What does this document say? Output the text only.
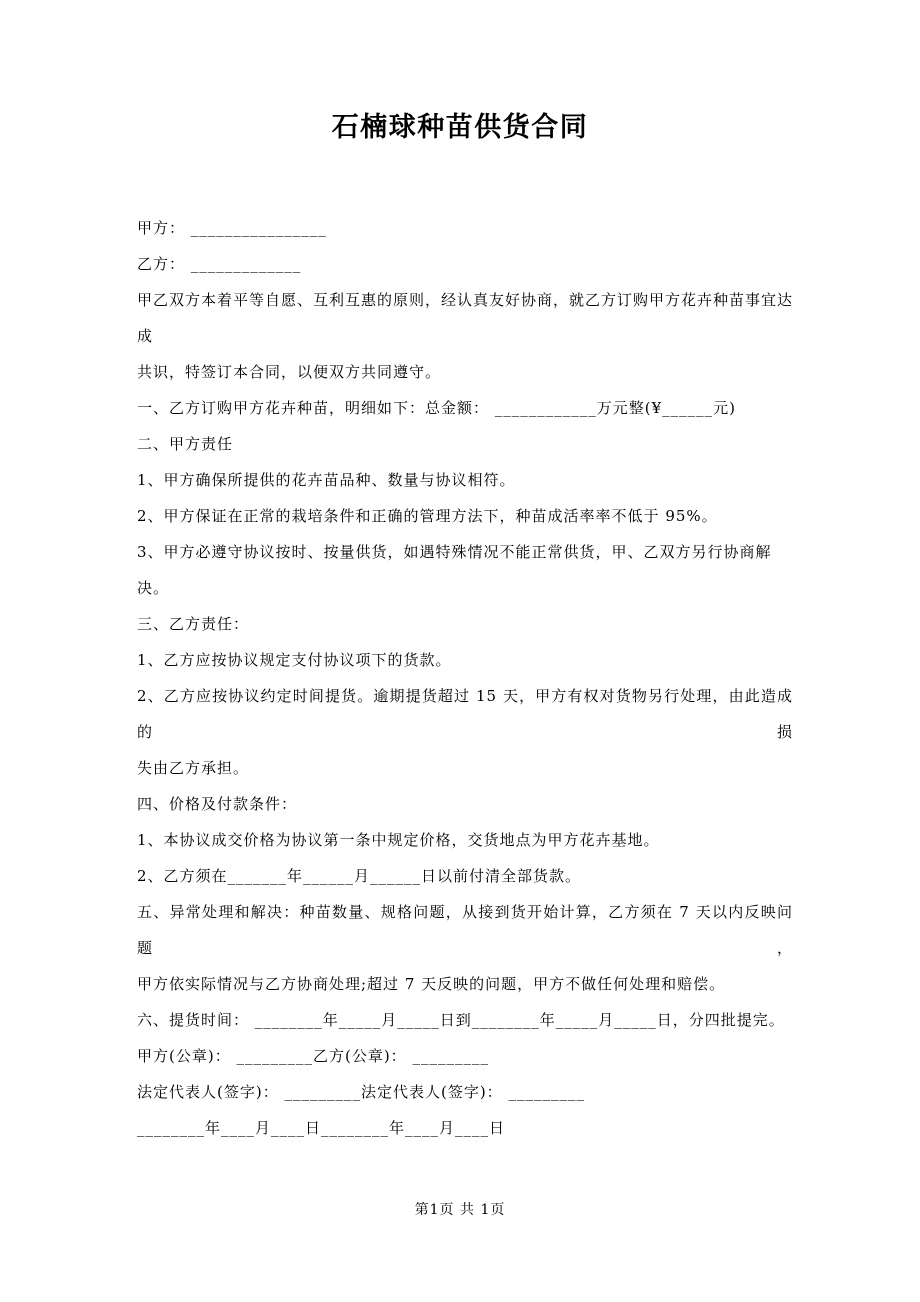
石楠球种苗供货合同
甲方： ________________
乙方： _____________
甲乙双方本着平等自愿、互利互惠的原则，经认真友好协商，就乙方订购甲方花卉种苗事宜达成
共识，特签订本合同，以便双方共同遵守。
一、乙方订购甲方花卉种苗，明细如下：总金额： ____________万元整(¥______元)
二、甲方责任
1、甲方确保所提供的花卉苗品种、数量与协议相符。
2、甲方保证在正常的栽培条件和正确的管理方法下，种苗成活率率不低于 95%。
3、甲方必遵守协议按时、按量供货，如遇特殊情况不能正常供货，甲、乙双方另行协商解决。
三、乙方责任：
1、乙方应按协议规定支付协议项下的货款。
2、乙方应按协议约定时间提货。逾期提货超过 15 天，甲方有权对货物另行处理，由此造成的损
失由乙方承担。
四、价格及付款条件：
1、本协议成交价格为协议第一条中规定价格，交货地点为甲方花卉基地。
2、乙方须在_______年______月______日以前付清全部货款。
五、异常处理和解决：种苗数量、规格问题，从接到货开始计算，乙方须在 7 天以内反映问题，
甲方依实际情况与乙方协商处理;超过 7 天反映的问题，甲方不做任何处理和赔偿。
六、提货时间： ________年_____月_____日到________年_____月_____日，分四批提完。
甲方(公章)： _________乙方(公章)： _________
法定代表人(签字)： _________法定代表人(签字)： _________
________年____月____日________年____月____日
第1页 共 1页
